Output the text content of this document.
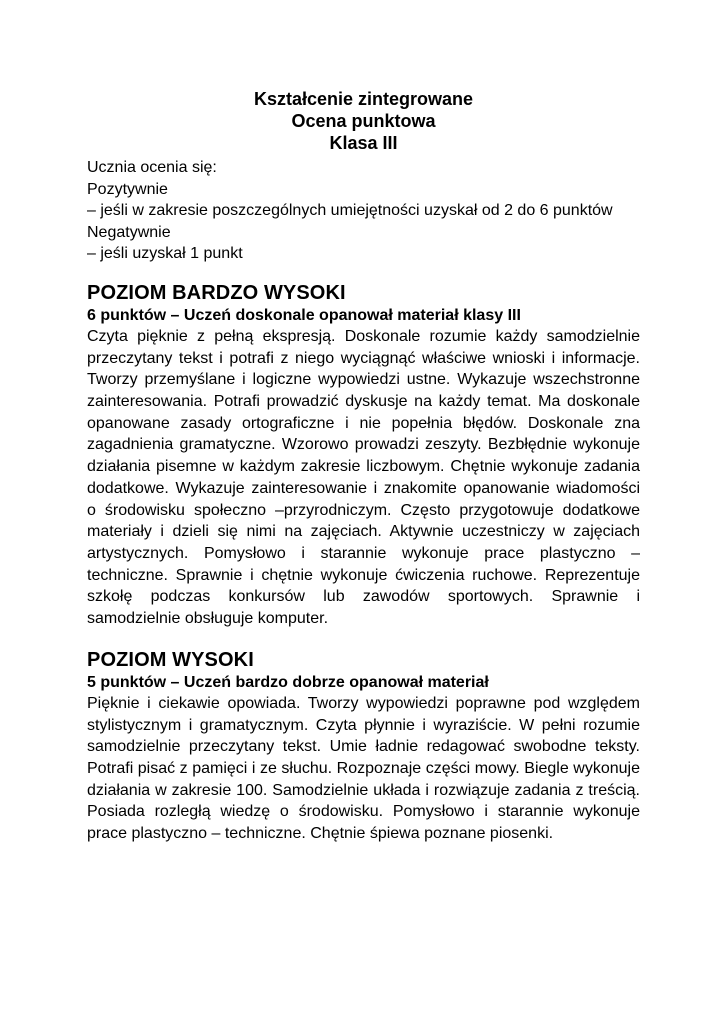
Kształcenie zintegrowane
Ocena punktowa
Klasa III
Ucznia ocenia się:
Pozytywnie
– jeśli w zakresie poszczególnych umiejętności uzyskał od 2 do 6 punktów
Negatywnie
– jeśli uzyskał 1 punkt
POZIOM BARDZO WYSOKI
6 punktów – Uczeń doskonale opanował materiał klasy III

Czyta pięknie z pełną ekspresją. Doskonale rozumie każdy samodzielnie przeczytany tekst i potrafi z niego wyciągnąć właściwe wnioski i informacje. Tworzy przemyślane i logiczne wypowiedzi ustne. Wykazuje wszechstronne zainteresowania. Potrafi prowadzić dyskusje na każdy temat. Ma doskonale opanowane zasady ortograficzne i nie popełnia błędów. Doskonale zna zagadnienia gramatyczne. Wzorowo prowadzi zeszyty. Bezbłędnie wykonuje działania pisemne w każdym zakresie liczbowym. Chętnie wykonuje zadania dodatkowe. Wykazuje zainteresowanie i znakomite opanowanie wiadomości o środowisku społeczno –przyrodniczym. Często przygotowuje dodatkowe materiały i dzieli się nimi na zajęciach. Aktywnie uczestniczy w zajęciach artystycznych. Pomysłowo i starannie wykonuje prace plastyczno – techniczne. Sprawnie i chętnie wykonuje ćwiczenia ruchowe. Reprezentuje szkołę podczas konkursów lub zawodów sportowych. Sprawnie i samodzielnie obsługuje komputer.

POZIOM WYSOKI
5 punktów – Uczeń bardzo dobrze opanował materiał

Pięknie i ciekawie opowiada. Tworzy wypowiedzi poprawne pod względem stylistycznym i gramatycznym. Czyta płynnie i wyraziście. W pełni rozumie samodzielnie przeczytany tekst. Umie ładnie redagować swobodne teksty. Potrafi pisać z pamięci i ze słuchu. Rozpoznaje części mowy. Biegle wykonuje działania w zakresie 100. Samodzielnie układa i rozwiązuje zadania z treścią. Posiada rozległą wiedzę o środowisku. Pomysłowo i starannie wykonuje prace plastyczno – techniczne. Chętnie śpiewa poznane piosenki.
